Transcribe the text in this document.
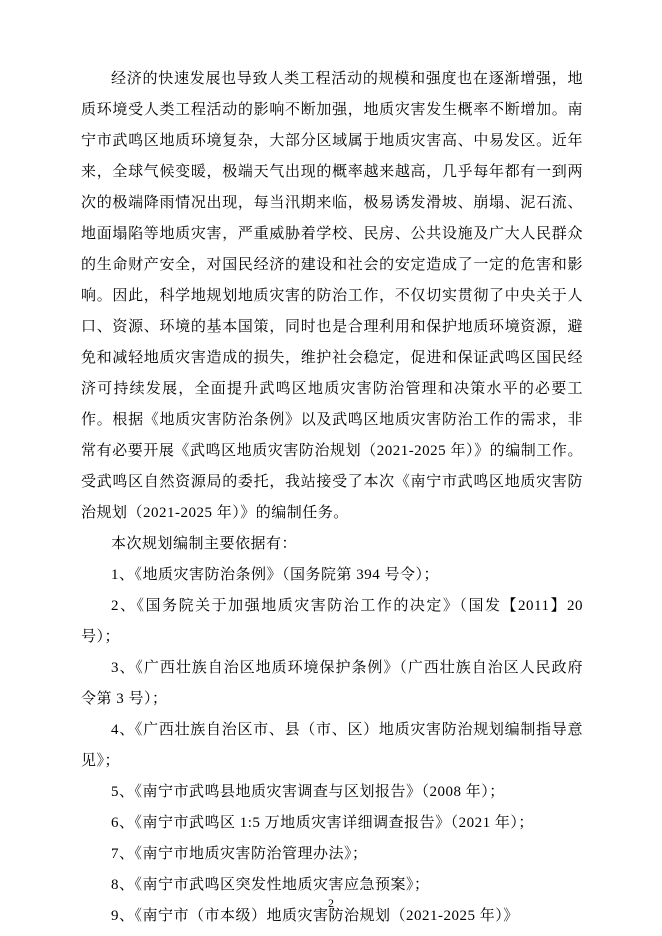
经济的快速发展也导致人类工程活动的规模和强度也在逐渐增强，地质环境受人类工程活动的影响不断加强，地质灾害发生概率不断增加。南宁市武鸣区地质环境复杂，大部分区域属于地质灾害高、中易发区。近年来，全球气候变暖，极端天气出现的概率越来越高，几乎每年都有一到两次的极端降雨情况出现，每当汛期来临，极易诱发滑坡、崩塌、泥石流、地面塌陷等地质灾害，严重威胁着学校、民房、公共设施及广大人民群众的生命财产安全，对国民经济的建设和社会的安定造成了一定的危害和影响。因此，科学地规划地质灾害的防治工作，不仅切实贯彻了中央关于人口、资源、环境的基本国策，同时也是合理利用和保护地质环境资源，避免和减轻地质灾害造成的损失，维护社会稳定，促进和保证武鸣区国民经济可持续发展，全面提升武鸣区地质灾害防治管理和决策水平的必要工作。根据《地质灾害防治条例》以及武鸣区地质灾害防治工作的需求，非常有必要开展《武鸣区地质灾害防治规划（2021-2025 年）》的编制工作。受武鸣区自然资源局的委托，我站接受了本次《南宁市武鸣区地质灾害防治规划（2021-2025 年）》的编制任务。

本次规划编制主要依据有：

1、《地质灾害防治条例》（国务院第 394 号令）；

2、《国务院关于加强地质灾害防治工作的决定》（国发【2011】20 号）；

3、《广西壮族自治区地质环境保护条例》（广西壮族自治区人民政府令第 3 号）；

4、《广西壮族自治区市、县（市、区）地质灾害防治规划编制指导意见》；

5、《南宁市武鸣县地质灾害调查与区划报告》（2008 年）；

6、《南宁市武鸣区 1:5 万地质灾害详细调查报告》（2021 年）；

7、《南宁市地质灾害防治管理办法》；

8、《南宁市武鸣区突发性地质灾害应急预案》；

9、《南宁市（市本级）地质灾害防治规划（2021-2025 年）》

2
